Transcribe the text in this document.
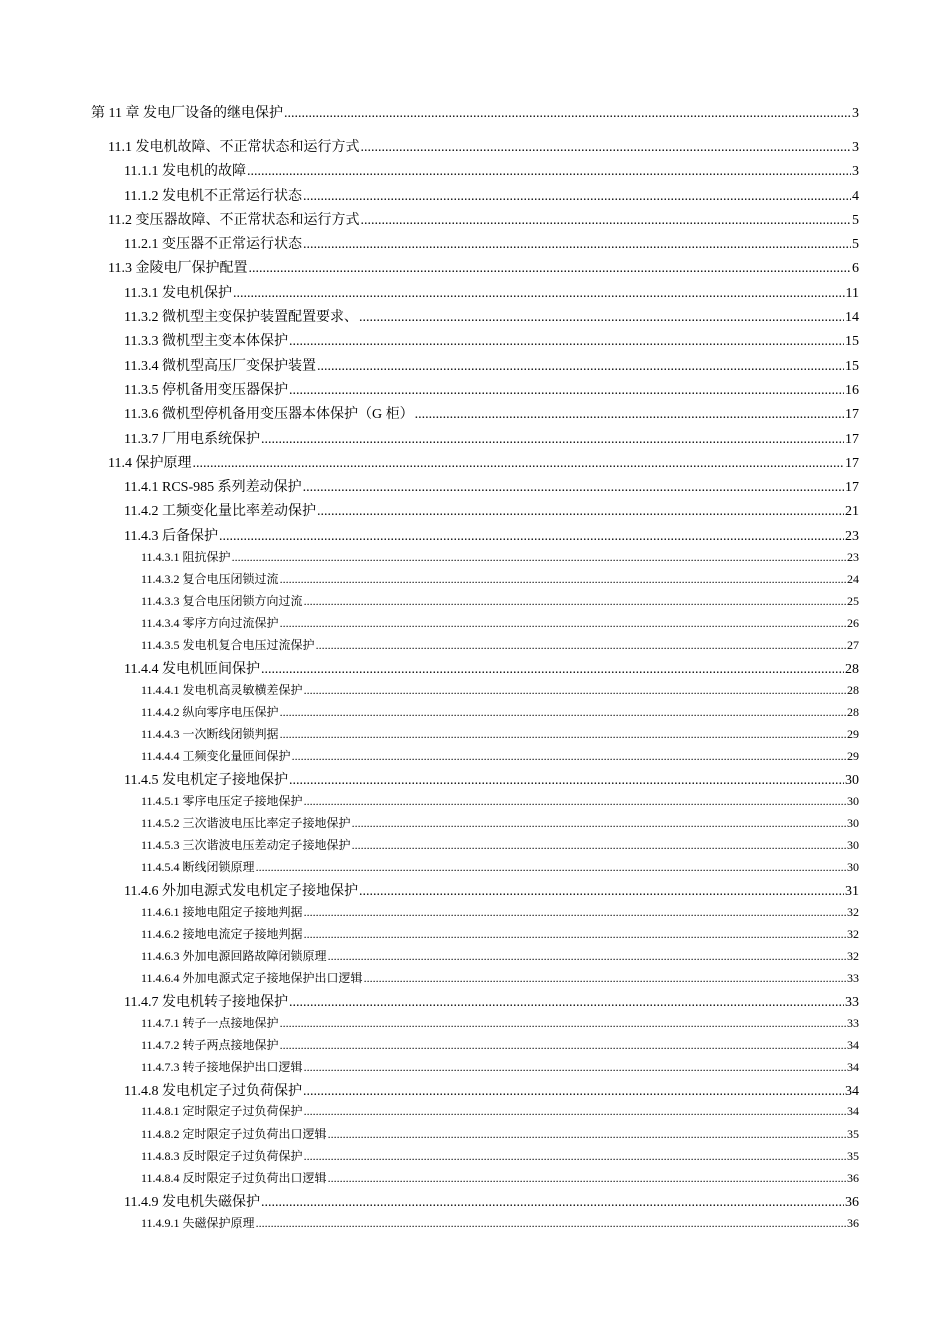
第 11 章 发电厂设备的继电保护 .....	3
11.1 发电机故障、不正常状态和运行方式 .....	3
11.1.1 发电机的故障 .....	3
11.1.2 发电机不正常运行状态 .....	4
11.2 变压器故障、不正常状态和运行方式 .....	5
11.2.1 变压器不正常运行状态 .....	5
11.3 金陵电厂保护配置 .....	6
11.3.1 发电机保护 .....	11
11.3.2 微机型主变保护装置配置要求、 .....	14
11.3.3 微机型主变本体保护 .....	15
11.3.4 微机型高压厂变保护装置 .....	15
11.3.5 停机备用变压器保护 .....	16
11.3.6 微机型停机备用变压器本体保护（G 柜） .....	17
11.3.7 厂用电系统保护 .....	17
11.4 保护原理 .....	17
11.4.1 RCS-985 系列差动保护 .....	17
11.4.2 工频变化量比率差动保护 .....	21
11.4.3 后备保护 .....	23
11.4.3.1 阻抗保护 .....	23
11.4.3.2 复合电压闭锁过流 .....	24
11.4.3.3 复合电压闭锁方向过流 .....	25
11.4.3.4 零序方向过流保护 .....	26
11.4.3.5 发电机复合电压过流保护 .....	27
11.4.4 发电机匝间保护 .....	28
11.4.4.1 发电机高灵敏横差保护 .....	28
11.4.4.2 纵向零序电压保护 .....	28
11.4.4.3 一次断线闭锁判据 .....	29
11.4.4.4 工频变化量匝间保护 .....	29
11.4.5 发电机定子接地保护 .....	30
11.4.5.1 零序电压定子接地保护 .....	30
11.4.5.2 三次谐波电压比率定子接地保护 .....	30
11.4.5.3 三次谐波电压差动定子接地保护 .....	30
11.4.5.4 断线闭锁原理 .....	30
11.4.6 外加电源式发电机定子接地保护 .....	31
11.4.6.1 接地电阻定子接地判据 .....	32
11.4.6.2 接地电流定子接地判据 .....	32
11.4.6.3 外加电源回路故障闭锁原理 .....	32
11.4.6.4 外加电源式定子接地保护出口逻辑 .....	33
11.4.7 发电机转子接地保护 .....	33
11.4.7.1 转子一点接地保护 .....	33
11.4.7.2 转子两点接地保护 .....	34
11.4.7.3 转子接地保护出口逻辑 .....	34
11.4.8 发电机定子过负荷保护 .....	34
11.4.8.1 定时限定子过负荷保护 .....	34
11.4.8.2 定时限定子过负荷出口逻辑 .....	35
11.4.8.3 反时限定子过负荷保护 .....	35
11.4.8.4 反时限定子过负荷出口逻辑 .....	36
11.4.9 发电机失磁保护 .....	36
11.4.9.1 失磁保护原理 .....	36
